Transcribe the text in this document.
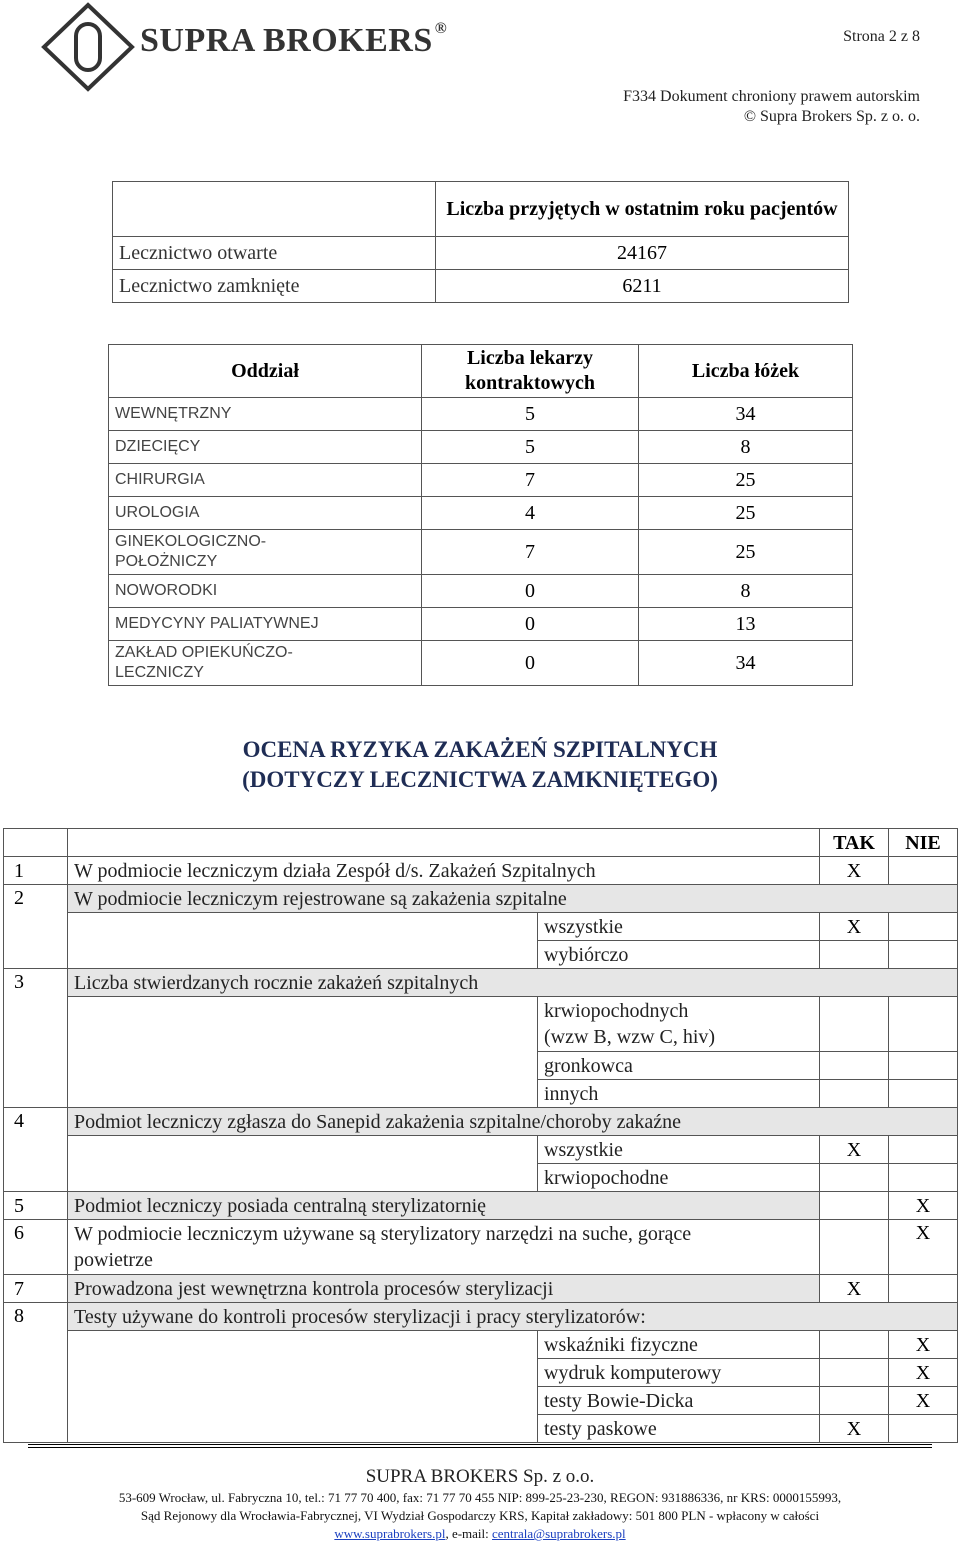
SUPRA BROKERS ®	Strona 2 z 8
F334 Dokument chroniony prawem autorskim
© Supra Brokers Sp. z o. o.
	Liczba przyjętych w ostatnim roku pacjentów
Lecznictwo otwarte	24167
Lecznictwo zamknięte	6211
Oddział	Liczba lekarzy kontraktowych	Liczba łóżek
WEWNĘTRZNY	5	34
DZIECIĘCY	5	8
CHIRURGIA	7	25
UROLOGIA	4	25
GINEKOLOGICZNO-
POŁOŻNICZY	7	25
NOWORODKI	0	8
MEDYCYNY PALIATYWNEJ	0	13
ZAKŁAD OPIEKUŃCZO-
LECZNICZY	0	34
OCENA RYZYKA ZAKAŻEŃ SZPITALNYCH
(DOTYCZY LECZNICTWA ZAMKNIĘTEGO)
			TAK	NIE
1	W podmiocie leczniczym działa Zespół d/s. Zakażeń Szpitalnych		X	
2	W podmiocie leczniczym rejestrowane są zakażenia szpitalne			
		wszystkie	X	
		wybiórczo		
3	Liczba stwierdzanych rocznie zakażeń szpitalnych			
		krwiopochodnych
(wzw B, wzw C, hiv)		
		gronkowca		
		innych		
4	Podmiot leczniczy zgłasza do Sanepid zakażenia szpitalne/choroby zakaźne			
		wszystkie	X	
		krwiopochodne		
5	Podmiot leczniczy posiada centralną sterylizatornię			X
6	W podmiocie leczniczym używane są sterylizatory narzędzi na suche, gorące
powietrze			X
7	Prowadzona jest wewnętrzna kontrola procesów sterylizacji		X	
8	Testy używane do kontroli procesów sterylizacji i pracy sterylizatorów:			
		wskaźniki fizyczne		X
		wydruk komputerowy		X
		testy Bowie-Dicka		X
		testy paskowe	X	
SUPRA BROKERS Sp. z o.o.
53-609 Wrocław, ul. Fabryczna 10, tel.: 71 77 70 400, fax: 71 77 70 455 NIP: 899-25-23-230, REGON: 931886336, nr KRS: 0000155993,
Sąd Rejonowy dla Wrocławia-Fabrycznej, VI Wydział Gospodarczy KRS, Kapitał zakładowy: 501 800 PLN - wpłacony w całości
www.suprabrokers.pl, e-mail: centrala@suprabrokers.pl
